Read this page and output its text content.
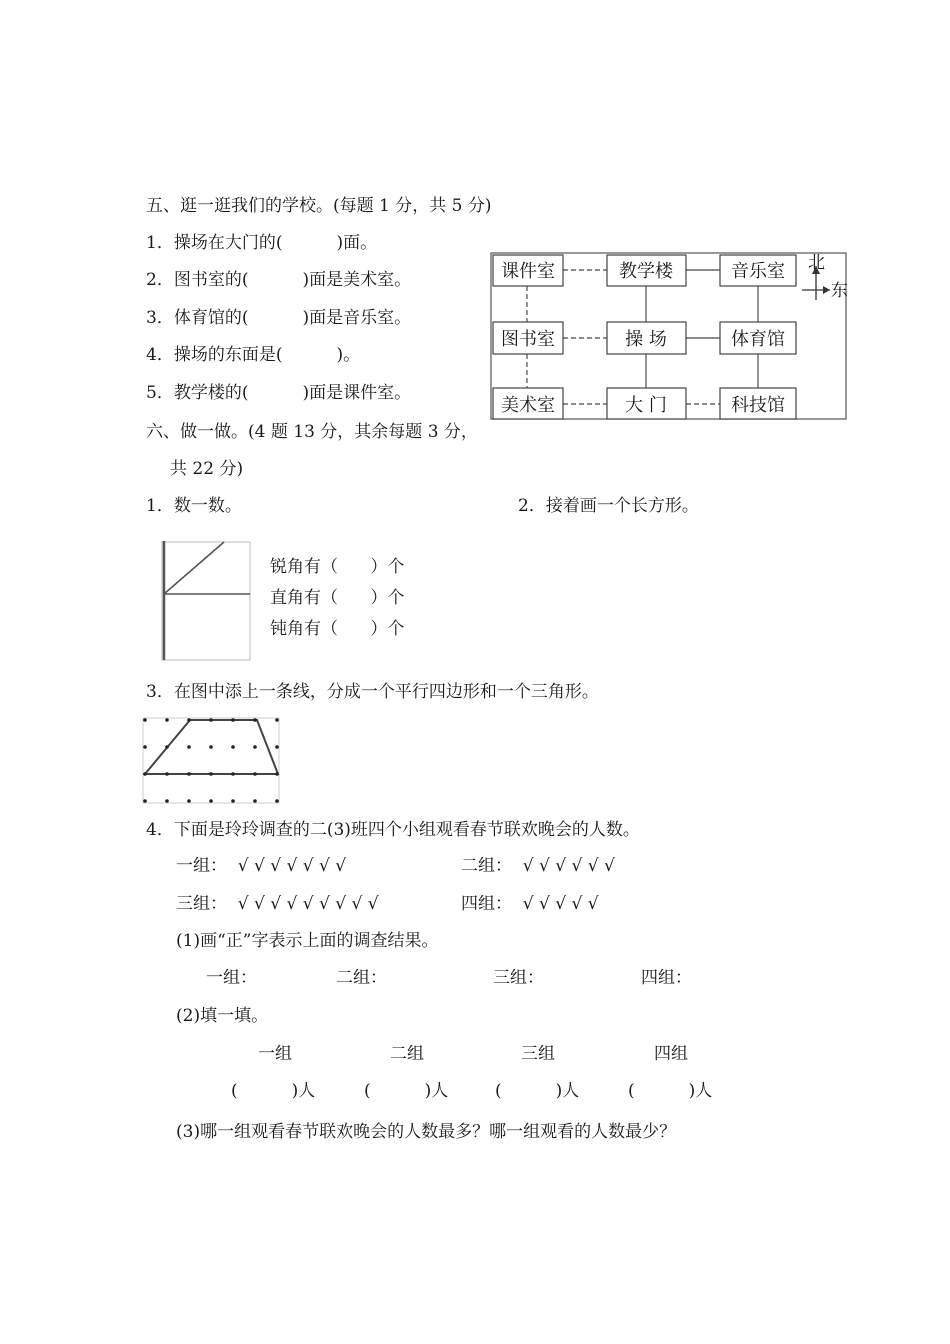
五、逛一逛我们的学校。(每题 1 分，共 5 分)
1．操场在大门的(          )面。
2．图书室的(          )面是美术室。
3．体育馆的(          )面是音乐室。
4．操场的东面是(          )。
5．教学楼的(          )面是课件室。
课件室	教学楼	音乐室
图书室	操 场	体育馆
美术室	大 门	科技馆
北
东
六、做一做。(4 题 13 分，其余每题 3 分，
共 22 分)
1．数一数。	2．接着画一个长方形。
锐角有（      ）个
直角有（      ）个
钝角有（      ）个
3．在图中添上一条线，分成一个平行四边形和一个三角形。
4．下面是玲玲调查的二(3)班四个小组观看春节联欢晚会的人数。
一组：  √ √ √ √ √ √ √	二组：  √ √ √ √ √ √
三组：  √ √ √ √ √ √ √ √ √	四组：  √ √ √ √ √
(1)画“正”字表示上面的调查结果。
一组：	二组：	三组：	四组：
(2)填一填。
一组	二组	三组	四组
(          )人	(          )人	(          )人	(          )人
(3)哪一组观看春节联欢晚会的人数最多？哪一组观看的人数最少？
